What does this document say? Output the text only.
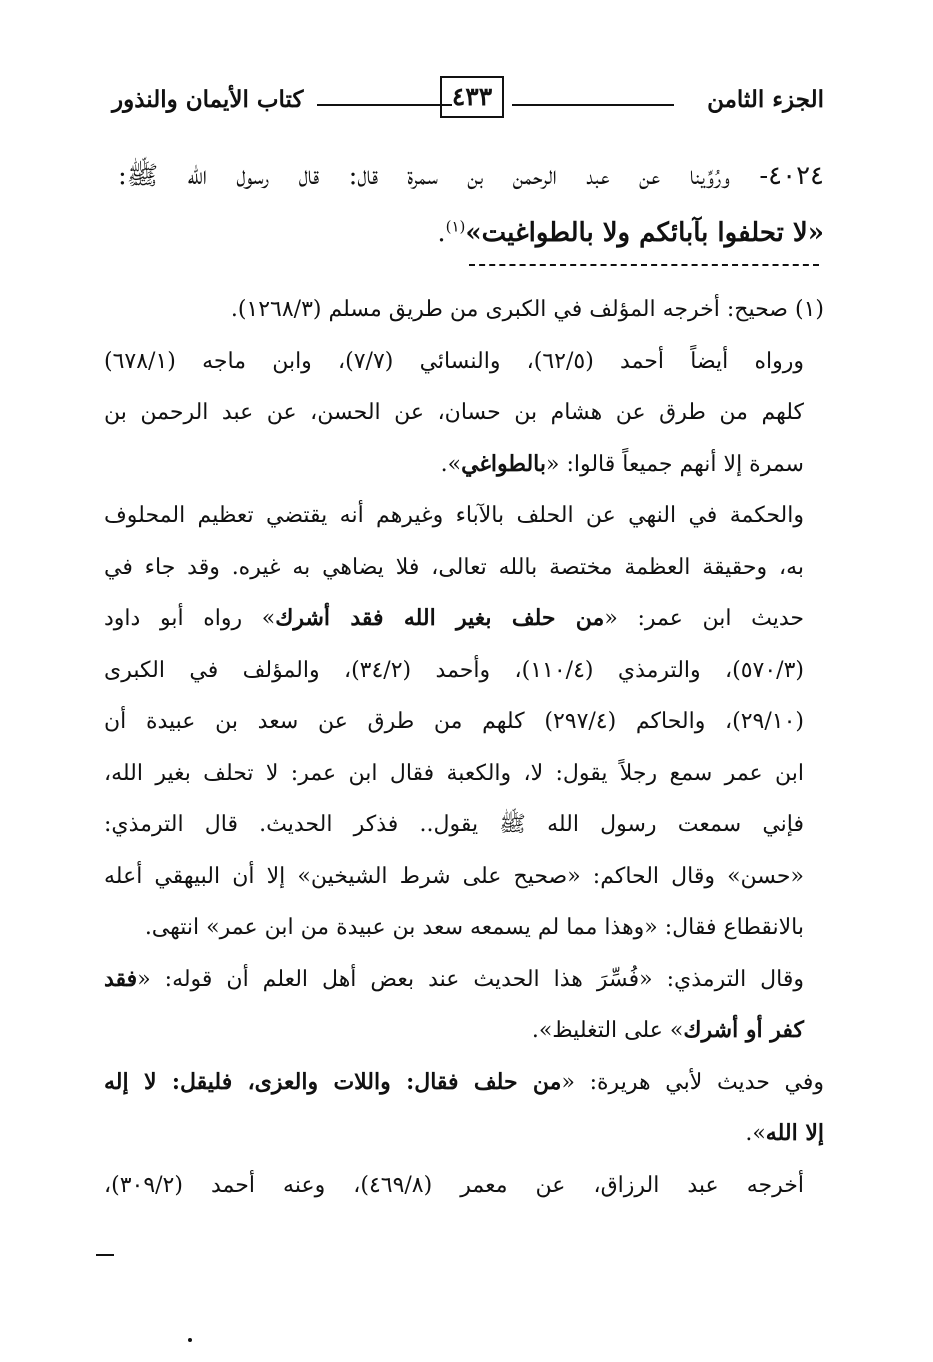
الجزء الثامن
٤٣٣
كتاب الأيمان والنذور
٤٠٢٤- ورُوِّينا عن عبد الرحمن بن سمرة قال: قال رسول الله ﷺ:
«لا تحلفوا بآبائكم ولا بالطواغيت»$^{(١)}$.
(١) صحيح: أخرجه المؤلف في الكبرى من طريق مسلم (١٢٦٨/٣).
ورواه أيضاً أحمد (٦٢/٥)، والنسائي (٧/٧)، وابن ماجه (٦٧٨/١)
كلهم من طرق عن هشام بن حسان، عن الحسن، عن عبد الرحمن بن
سمرة إلا أنهم جميعاً قالوا: «بالطواغي».
والحكمة في النهي عن الحلف بالآباء وغيرهم أنه يقتضي تعظيم المحلوف
به، وحقيقة العظمة مختصة بالله تعالى، فلا يضاهي به غيره. وقد جاء في
حديث ابن عمر: «من حلف بغير الله فقد أشرك» رواه أبو داود
(٥٧٠/٣)، والترمذي (١١٠/٤)، وأحمد (٣٤/٢)، والمؤلف في الكبرى
(٢٩/١٠)، والحاكم (٢٩٧/٤) كلهم من طرق عن سعد بن عبيدة أن
ابن عمر سمع رجلاً يقول: لا، والكعبة فقال ابن عمر: لا تحلف بغير الله،
فإني سمعت رسول الله ﷺ يقول.. فذكر الحديث. قال الترمذي:
«حسن» وقال الحاكم: «صحيح على شرط الشيخين» إلا أن البيهقي أعله
بالانقطاع فقال: «وهذا مما لم يسمعه سعد بن عبيدة من ابن عمر» انتهى.
وقال الترمذي: «فُسِّرَ هذا الحديث عند بعض أهل العلم أن قوله: «فقد
كفر أو أشرك» على التغليظ».
وفي حديث لأبي هريرة: «من حلف فقال: واللات والعزى، فليقل: لا إله
إلا الله».
أخرجه عبد الرزاق، عن معمر (٤٦٩/٨)، وعنه أحمد (٣٠٩/٢)،
